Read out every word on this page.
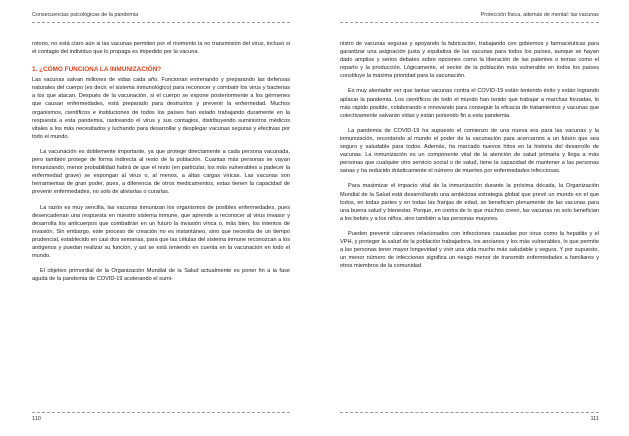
Consecuencias psicológicas de la pandemia

rotorio, no está claro aún si las vacunas permiten por el momento la no transmisión del virus, incluso si el contagio del individuo que lo propaga es impedido por la vacuna.

1. ¿CÓMO FUNCIONA LA INMUNIZACIÓN?

Las vacunas salvan millones de vidas cada año. Funcionan entrenando y preparando las defensas naturales del cuerpo (es decir, el sistema inmunológico) para reconocer y combatir los virus y bacterias a los que atacan. Después de la vacunación, si el cuerpo se expone posteriormente a los gérmenes que causan enfermedades, está preparado para destruirlos y prevenir la enfermedad. Muchos organismos, científicos e instituciones de todos los países han estado trabajando duramente en la respuesta a esta pandemia, rastreando el virus y sus contagios, distribuyendo suministros médicos vitales a los más necesitados y luchando para desarrollar y desplegar vacunas seguras y efectivas por todo el mundo.

La vacunación es doblemente importante, ya que protege directamente a cada persona vacunada, pero también protege de forma indirecta al resto de la población. Cuantas más personas se vayan inmunizando, menor probabilidad habrá de que el resto (en particular, los más vulnerables a padecer la enfermedad grave) se expongan al virus o, al menos, a altas cargas víricas. Las vacunas son herramientas de gran poder, pues, a diferencia de otros medicamentos, estas tienen la capacidad de prevenir enfermedades, no solo de aliviarlas o curarlas.

La razón es muy sencilla, las vacunas inmunizan los organismos de posibles enfermedades, pues desencadenan una respuesta en nuestro sistema inmune, que aprende a reconocer al virus invasor y desarrolla los anticuerpos que combatirán en un futuro la invasión vírica o, más bien, los intentos de invasión. Sin embargo, este proceso de creación no es instantáneo, sino que necesita de un tiempo prudencial, establecido en casi dos semanas, para que las células del sistema inmune reconozcan a los antígenos y puedan realizar su función, y así se está teniendo en cuenta en la vacunación en todo el mundo.

El objetivo primordial de la Organización Mundial de la Salud actualmente es poner fin a la fase aguda de la pandemia de COVID-19 acelerando el sumi-

110
Protección física, además de mental: las vacunas

nistro de vacunas seguras y apoyando la fabricación, trabajando con gobiernos y farmacéuticas para garantizar una asignación justa y equitativa de las vacunas para todos los países, aunque se hayan dado amplios y serios debates sobre opciones como la liberación de las patentes o temas como el reparto y la producción. Lógicamente, el sector de la población más vulnerable en todos los países constituye la máxima prioridad para la vacunación.

Es muy alentador ver que tantas vacunas contra el COVID-19 están teniendo éxito y están logrando aplacar la pandemia. Los científicos de todo el mundo han tenido que trabajar a marchas forzadas, lo más rápido posible, colaborando e innovando para conseguir la eficacia de tratamientos y vacunas que colectivamente salvarán vidas y están poniendo fin a esta pandemia.

La pandemia de COVID-19 ha supuesto el comienzo de una nueva era para las vacunas y la inmunización, recordando al mundo el poder de la vacunación para acercarnos a un futuro que sea seguro y saludable para todos. Además, ha marcado nuevos hitos en la historia del desarrollo de vacunas. La inmunización es un componente vital de la atención de salud primaria y llega a más personas que cualquier otro servicio social o de salud, tiene la capacidad de mantener a las personas sanas y ha reducido drásticamente el número de muertes por enfermedades infecciosas.

Para maximizar el impacto vital de la inmunización durante la próxima década, la Organización Mundial de la Salud está desarrollando una ambiciosa estrategia global que prevé un mundo en el que todos, en todas partes y en todas las franjas de edad, se beneficien plenamente de las vacunas para una buena salud y bienestar. Porque, en contra de lo que muchos creen, las vacunas no solo benefician a los bebés y a los niños, sino también a las personas mayores.

Pueden prevenir cánceres relacionados con infecciones causadas por virus como la hepatitis y el VPH, y proteger la salud de la población trabajadora, los ancianos y los más vulnerables, lo que permite a las personas tener mayor longevidad y vivir una vida mucho más saludable y segura. Y por supuesto, un menor número de infecciones significa un riesgo menor de transmitir enfermedades a familiares y otros miembros de la comunidad.

111
